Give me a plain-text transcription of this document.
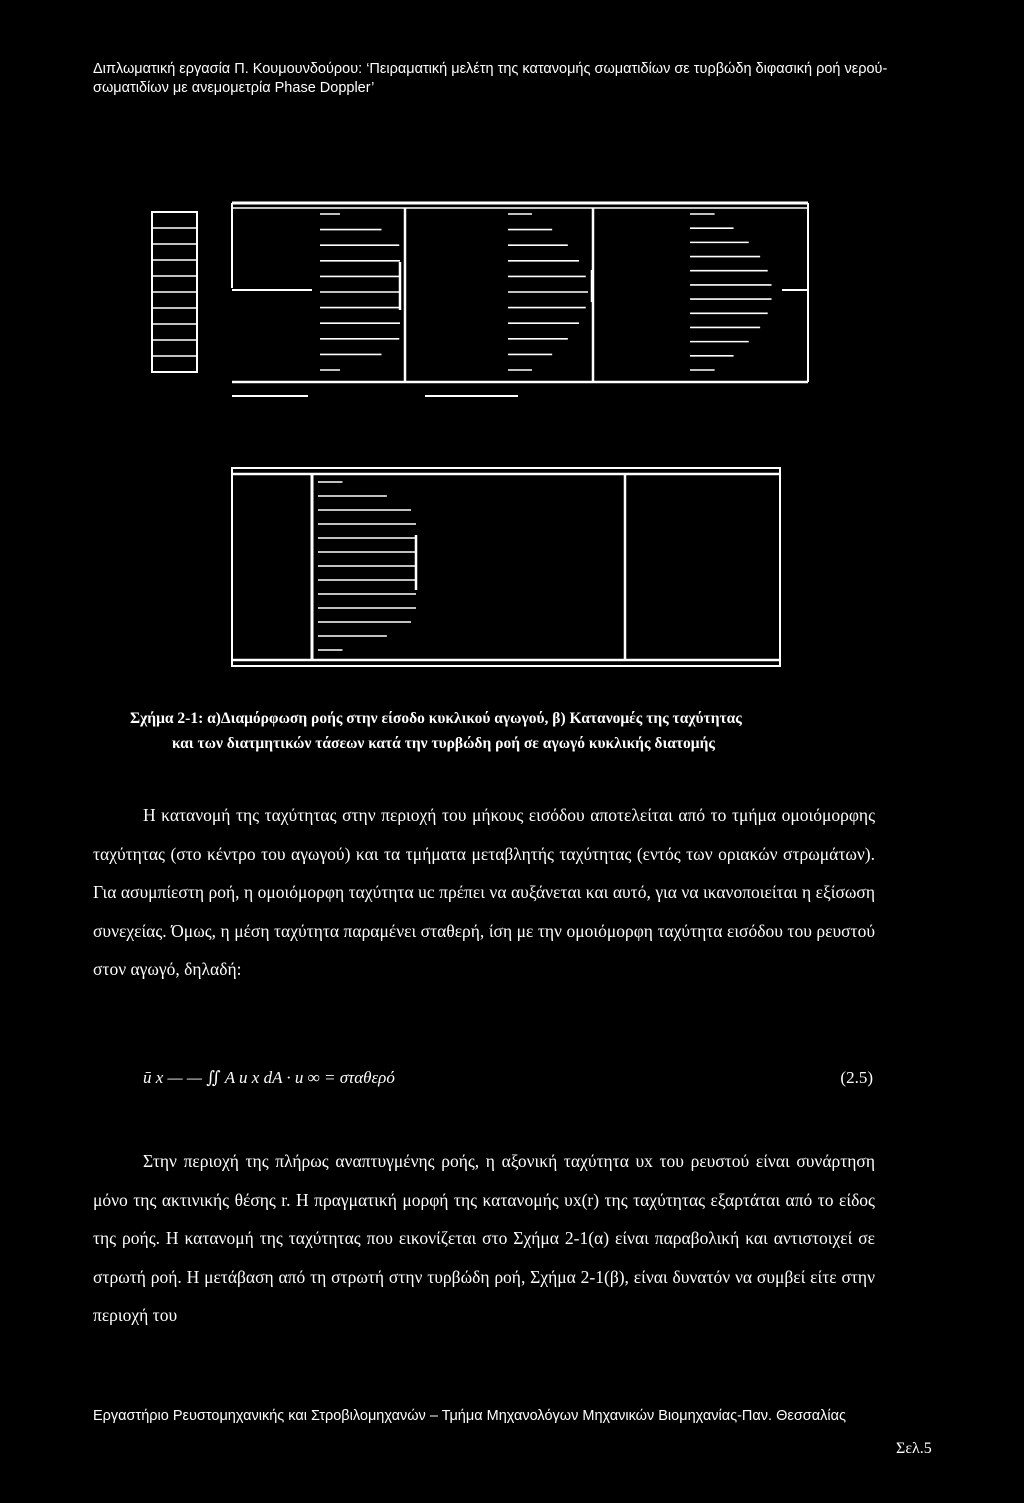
Διπλωματική εργασία Π. Κουμουνδούρου: ‘Πειραματική μελέτη της κατανομής σωματιδίων σε τυρβώδη διφασική ροή νερού-σωματιδίων με ανεμομετρία Phase Doppler’
Σχήμα 2-1: α)Διαμόρφωση ροής στην είσοδο κυκλικού αγωγού, β) Κατανομές της ταχύτητας
και των διατμητικών τάσεων κατά την τυρβώδη ροή σε αγωγό κυκλικής διατομής
Η κατανομή της ταχύτητας στην περιοχή του μήκους εισόδου αποτελείται από το τμήμα ομοιόμορφης ταχύτητας (στο κέντρο του αγωγού) και τα τμήματα μεταβλητής ταχύτητας (εντός των οριακών στρωμάτων). Για ασυμπίεστη ροή, η ομοιόμορφη ταχύτητα uc πρέπει να αυξάνεται και αυτό, για να ικανοποιείται η εξίσωση συνεχείας. Όμως, η μέση ταχύτητα παραμένει σταθερή, ίση με την ομοιόμορφη ταχύτητα εισόδου του ρευστού στον αγωγό, δηλαδή:
ū x — — ∬ A u x dA · u ∞ = σταθερό	(2.5)
Στην περιοχή της πλήρως αναπτυγμένης ροής, η αξονική ταχύτητα υx του ρευστού είναι συνάρτηση μόνο της ακτινικής θέσης r. Η πραγματική μορφή της κατανομής υx(r) της ταχύτητας εξαρτάται από το είδος της ροής. Η κατανομή της ταχύτητας που εικονίζεται στο Σχήμα 2-1(α) είναι παραβολική και αντιστοιχεί σε στρωτή ροή. Η μετάβαση από τη στρωτή στην τυρβώδη ροή, Σχήμα 2-1(β), είναι δυνατόν να συμβεί είτε στην περιοχή του
Εργαστήριο Ρευστομηχανικής και Στροβιλομηχανών – Τμήμα Μηχανολόγων Μηχανικών Βιομηχανίας-Παν. Θεσσαλίας
Σελ.5
